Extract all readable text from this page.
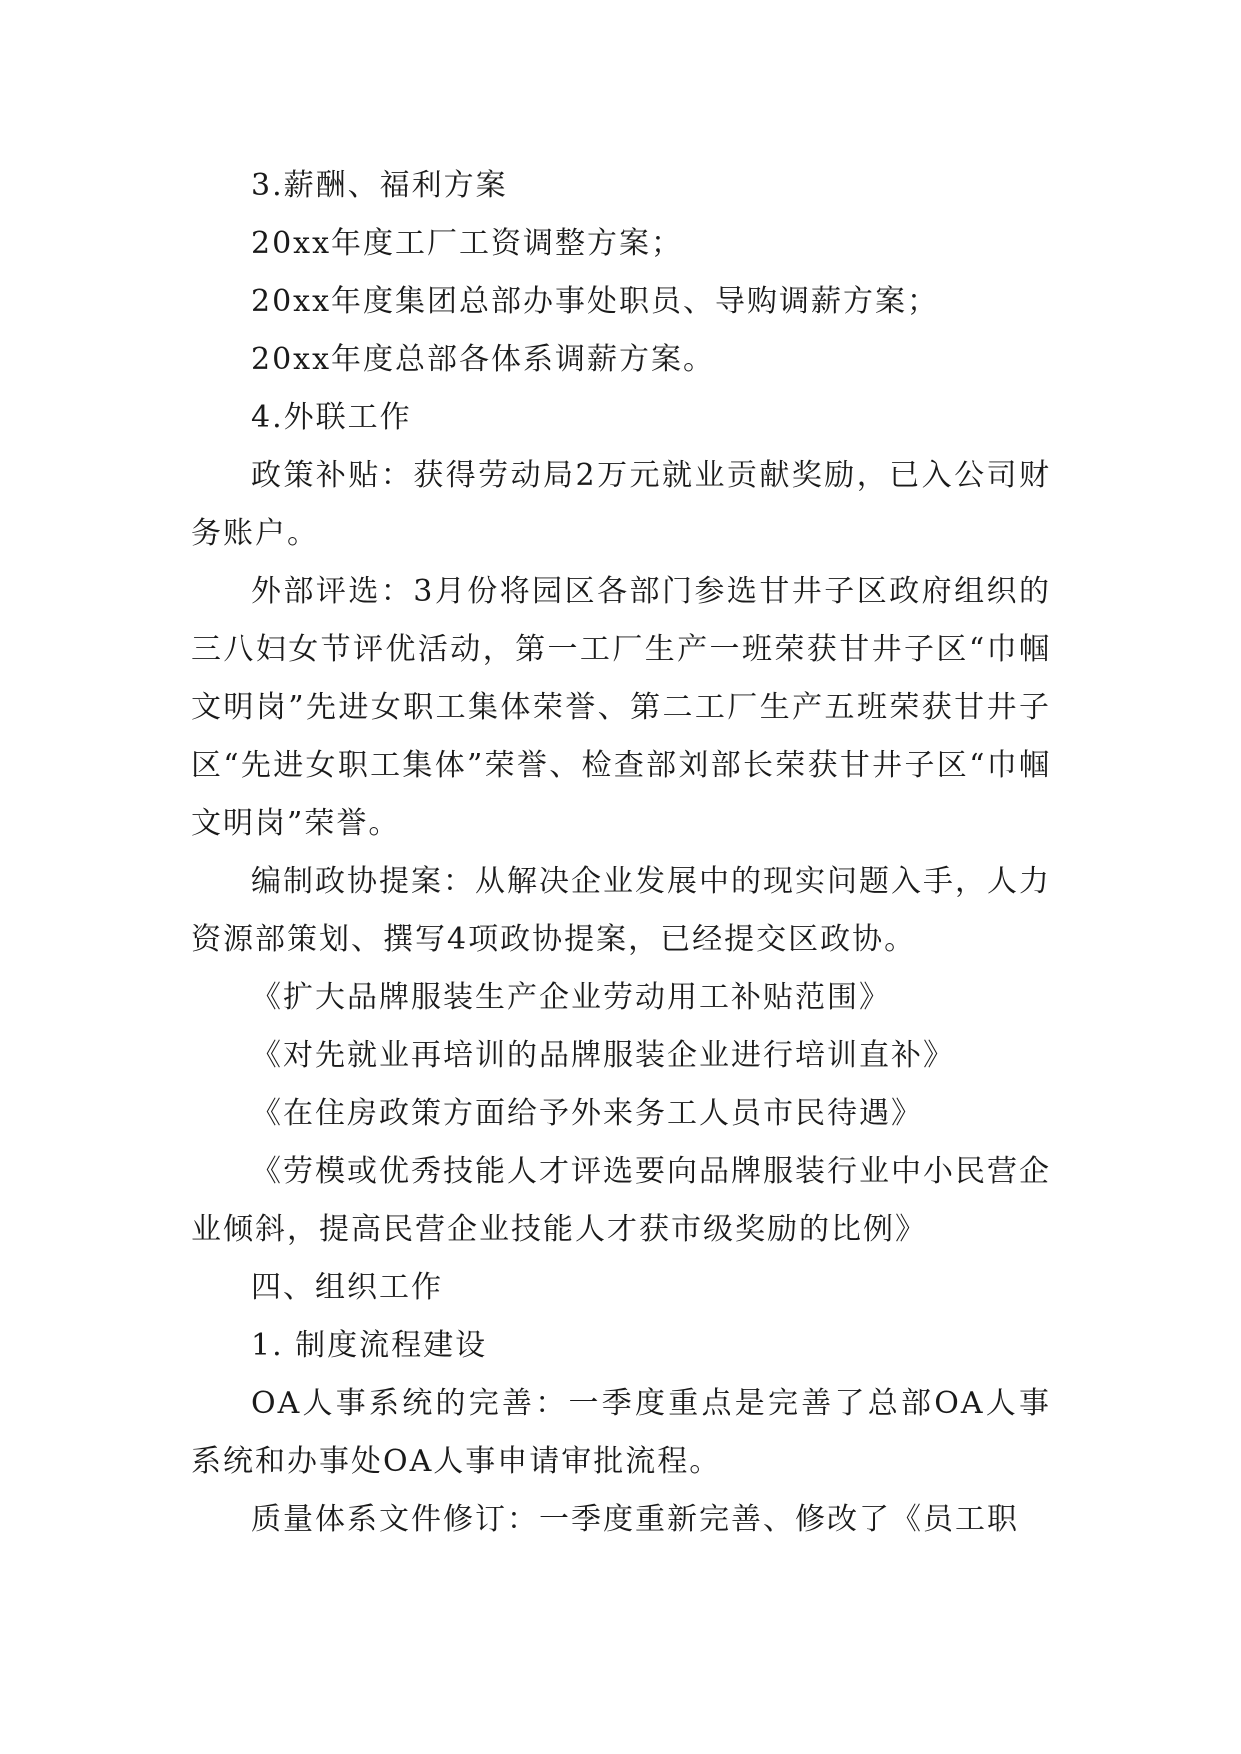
3.薪酬、福利方案

20xx年度工厂工资调整方案；

20xx年度集团总部办事处职员、导购调薪方案；

20xx年度总部各体系调薪方案。

4.外联工作

政策补贴：获得劳动局2万元就业贡献奖励，已入公司财务账户。

外部评选：3月份将园区各部门参选甘井子区政府组织的三八妇女节评优活动，第一工厂生产一班荣获甘井子区“巾帼文明岗”先进女职工集体荣誉、第二工厂生产五班荣获甘井子区“先进女职工集体”荣誉、检查部刘部长荣获甘井子区“巾帼文明岗”荣誉。

编制政协提案：从解决企业发展中的现实问题入手，人力资源部策划、撰写4项政协提案，已经提交区政协。

《扩大品牌服装生产企业劳动用工补贴范围》

《对先就业再培训的品牌服装企业进行培训直补》

《在住房政策方面给予外来务工人员市民待遇》

《劳模或优秀技能人才评选要向品牌服装行业中小民营企业倾斜，提高民营企业技能人才获市级奖励的比例》

四、组织工作

1. 制度流程建设

OA人事系统的完善：一季度重点是完善了总部OA人事系统和办事处OA人事申请审批流程。

质量体系文件修订：一季度重新完善、修改了《员工职
